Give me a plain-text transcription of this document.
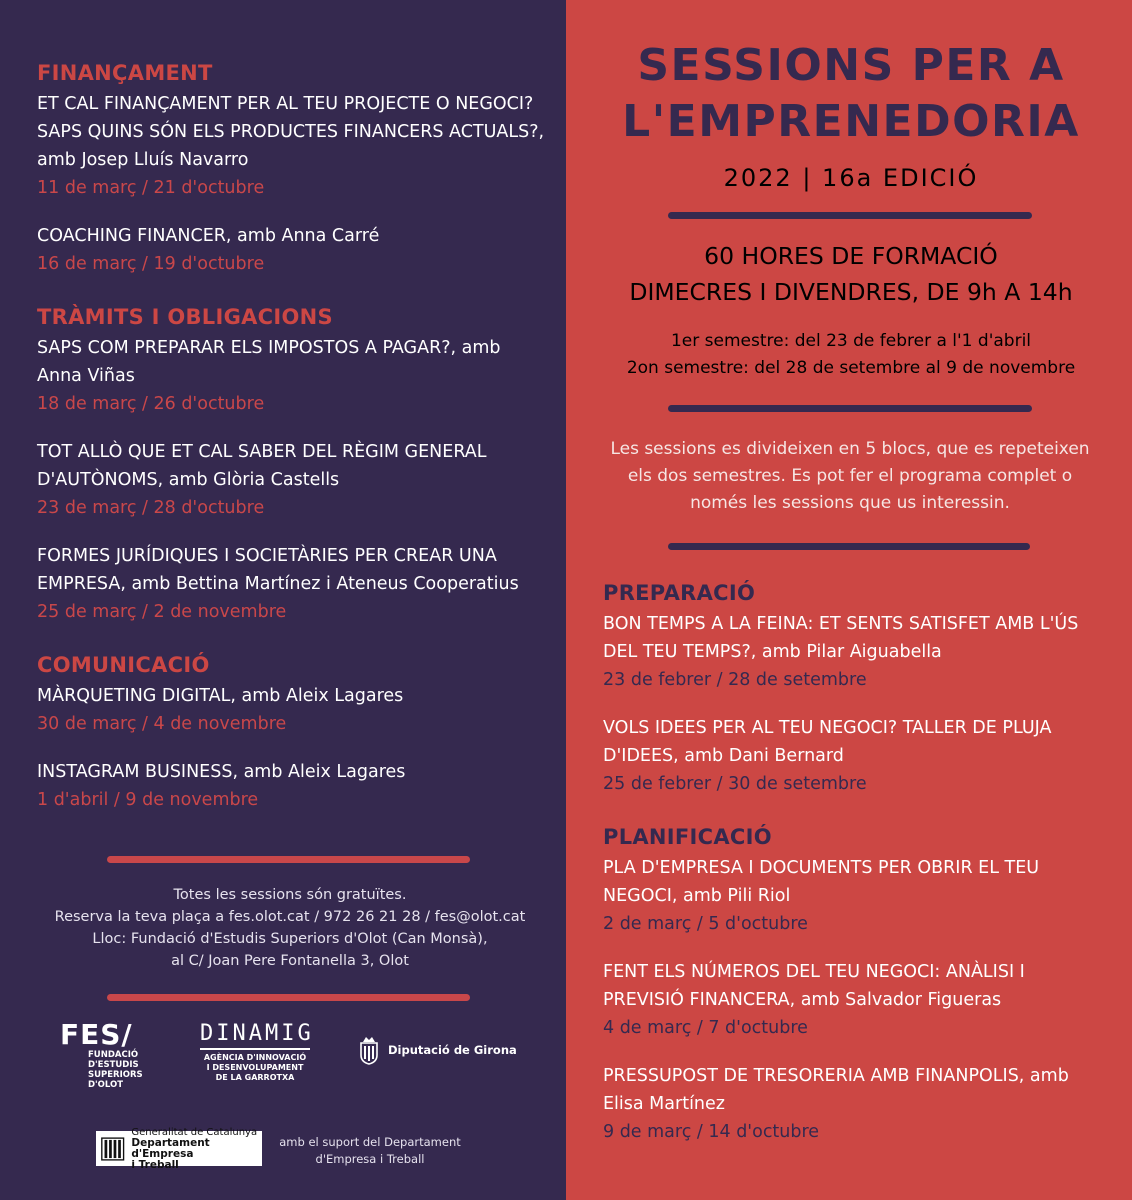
FINANÇAMENT
ET CAL FINANÇAMENT PER AL TEU PROJECTE O NEGOCI? SAPS QUINS SÓN ELS PRODUCTES FINANCERS ACTUALS?, amb Josep Lluís Navarro
11 de març / 21 d'octubre
COACHING FINANCER, amb Anna Carré
16 de març / 19 d'octubre
TRÀMITS I OBLIGACIONS
SAPS COM PREPARAR ELS IMPOSTOS A PAGAR?, amb Anna Viñas
18 de març / 26 d'octubre
TOT ALLÒ QUE ET CAL SABER DEL RÈGIM GENERAL D'AUTÒNOMS, amb Glòria Castells
23 de març / 28 d'octubre
FORMES JURÍDIQUES I SOCIETÀRIES PER CREAR UNA EMPRESA, amb Bettina Martínez i Ateneus Cooperatius
25 de març / 2 de novembre
COMUNICACIÓ
MÀRQUETING DIGITAL, amb Aleix Lagares
30 de març / 4 de novembre
INSTAGRAM BUSINESS, amb Aleix Lagares
1 d'abril / 9 de novembre
Totes les sessions són gratuïtes.
Reserva la teva plaça a fes.olot.cat / 972 26 21 28 / fes@olot.cat
Lloc: Fundació d'Estudis Superiors d'Olot (Can Monsà),
al C/ Joan Pere Fontanella 3, Olot
FES/
FUNDACIÓ
D'ESTUDIS
SUPERIORS
D'OLOT
DINAMIG
AGÈNCIA D'INNOVACIÓ
I DESENVOLUPAMENT
DE LA GARROTXA
Diputació de Girona
Generalitat de Catalunya
Departament d'Empresa
i Treball
amb el suport del Departament
d'Empresa i Treball
SESSIONS PER A
L'EMPRENEDORIA
2022 | 16a EDICIÓ
60 HORES DE FORMACIÓ
DIMECRES I DIVENDRES, DE 9h A 14h
1er semestre: del 23 de febrer a l'1 d'abril
2on semestre: del 28 de setembre al 9 de novembre
Les sessions es divideixen en 5 blocs, que es repeteixen els dos semestres. Es pot fer el programa complet o només les sessions que us interessin.
PREPARACIÓ
BON TEMPS A LA FEINA: ET SENTS SATISFET AMB L'ÚS DEL TEU TEMPS?, amb Pilar Aiguabella
23 de febrer / 28 de setembre
VOLS IDEES PER AL TEU NEGOCI? TALLER DE PLUJA D'IDEES, amb Dani Bernard
25 de febrer / 30 de setembre
PLANIFICACIÓ
PLA D'EMPRESA I DOCUMENTS PER OBRIR EL TEU NEGOCI, amb Pili Riol
2 de març / 5 d'octubre
FENT ELS NÚMEROS DEL TEU NEGOCI: ANÀLISI I PREVISIÓ FINANCERA, amb Salvador Figueras
4 de març / 7 d'octubre
PRESSUPOST DE TRESORERIA AMB FINANPOLIS, amb Elisa Martínez
9 de març / 14 d'octubre
